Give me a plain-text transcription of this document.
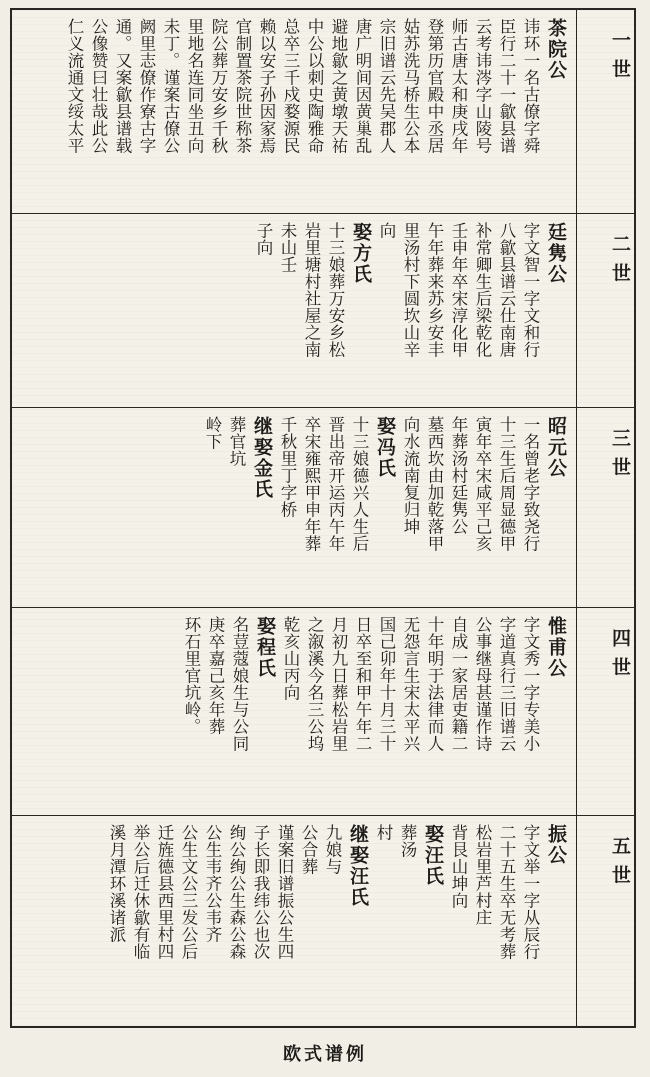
茶院公
讳环一名古僚字舜
臣行二十一歙县谱
云考讳涔字山陵号
师古唐太和庚戌年
登第历官殿中丞居
姑苏洗马桥生公本
宗旧谱云先吴郡人
唐广明间因黄巢乱
避地歙之黄墩天祐
中公以刺史陶雅命
总卒三千戍婺源民
赖以安子孙因家焉
官制置茶院世称茶
院公葬万安乡千秋
里地名连同坐丑向
未丁。谨案古僚公
阙里志僚作寮古字
通。又案歙县谱载
公像赞曰壮哉此公
仁义流通文绥太平	一世
廷隽公
字文智一字文和行
八歙县谱云仕南唐
补常卿生后梁乾化
壬申年卒宋淳化甲
午年葬来苏乡安丰
里汤村下圆坎山辛
向
娶方氏
十三娘葬万安乡松
岩里塘村社屋之南
未山壬
子向	二世
昭元公
一名曾老字致尧行
十三生后周显德甲
寅年卒宋咸平己亥
年葬汤村廷隽公
墓西坎由加乾落甲
向水流南复归坤
娶冯氏
十三娘德兴人生后
晋出帝开运丙午年
卒宋雍熙甲申年葬
千秋里丁字桥
继娶金氏
葬官坑
岭下	三世
惟甫公
字文秀一字专美小
字道真行三旧谱云
公事继母甚谨作诗
自成一家居吏籍二
十年明于法律而人
无怨言生宋太平兴
国己卯年十月三十
日卒至和甲午年二
月初九日葬松岩里
之溆溪今名三公坞
乾亥山丙向
娶程氏
名荳蔻娘生与公同
庚卒嘉己亥年葬
环石里官坑岭。	四世
振公
字文举一字从辰行
二十五生卒无考葬
松岩里芦村庄
背艮山坤向
娶汪氏
葬汤
村
继娶汪氏
九娘与
公合葬
谨案旧谱振公生四
子长即我纬公也次
绚公绚公生森公森
公生韦齐公韦齐
公生文公三发公后
迁旌德县西里村四
举公后迁休歙有临
溪月潭环溪诸派	五世
欧式谱例
